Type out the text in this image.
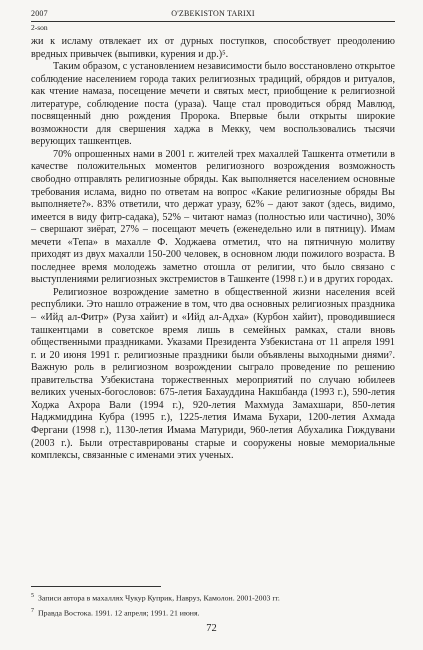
2007	O'ZBEKISTON TARIXI
2-son

жи к исламу отвлекает их от дурных поступков, способствует преодолению вредных привычек (выпивки, курения и др.)⁵.

Таким образом, с установлением независимости было восстановлено открытое соблюдение населением города таких религиозных традиций, обрядов и ритуалов, как чтение намаза, посещение мечети и святых мест, приобщение к религиозной литературе, соблюдение поста (ураза). Чаще стал проводиться обряд Мавлюд, посвященный дню рождения Пророка. Впервые были открыты широкие возможности для свершения хаджа в Мекку, чем воспользовались тысячи верующих ташкентцев.

70% опрошенных нами в 2001 г. жителей трех махаллей Ташкента отметили в качестве положительных моментов религиозного возрождения возможность свободно отправлять религиозные обряды. Как выполняется населением основные требования ислама, видно по ответам на вопрос «Какие религиозные обряды Вы выполняете?». 83% ответили, что держат уразу, 62% – дают закот (здесь, видимо, имеется в виду фитр-садака), 52% – читают намаз (полностью или частично), 30% – свершают зиёрат, 27% – посещают мечеть (еженедельно или в пятницу). Имам мечети «Тепа» в махалле Ф. Ходжаева отметил, что на пятничную молитву приходят из двух махалли 150-200 человек, в основном люди пожилого возраста. В последнее время молодежь заметно отошла от религии, что было связано с выступлениями религиозных экстремистов в Ташкенте (1998 г.) и в других городах.

Религиозное возрождение заметно в общественной жизни населения всей республики. Это нашло отражение в том, что два основных религиозных праздника – «Ийд ал-Фитр» (Руза хайит) и «Ийд ал-Адха» (Курбон хайит), проводившиеся ташкентцами в советское время лишь в семейных рамках, стали вновь общественными праздниками. Указами Президента Узбекистана от 11 апреля 1991 г. и 20 июня 1991 г. религиозные праздники были объявлены выходными днями⁷. Важную роль в религиозном возрождении сыграло проведение по решению правительства Узбекистана торжественных мероприятий по случаю юбилеев великих ученых-богословов: 675-летия Бахауддина Накшбанда (1993 г.), 590-летия Ходжа Ахрора Вали (1994 г.), 920-летия Махмуда Замахшари, 850-летия Наджмиддина Кубра (1995 г.), 1225-летия Имама Бухари, 1200-летия Ахмада Фергани (1998 г.), 1130-летия Имама Матуриди, 960-летия Абухалика Гиждувани (2003 г.). Были отреставрированы старые и сооружены новые мемориальные комплексы, связанные с именами этих ученых.

$^5$ Записи автора в махаллях Чукур Куприк, Навруз, Камолон. 2001-2003 гг.

$^7$ Правда Востока. 1991. 12 апреля; 1991. 21 июня.

72
